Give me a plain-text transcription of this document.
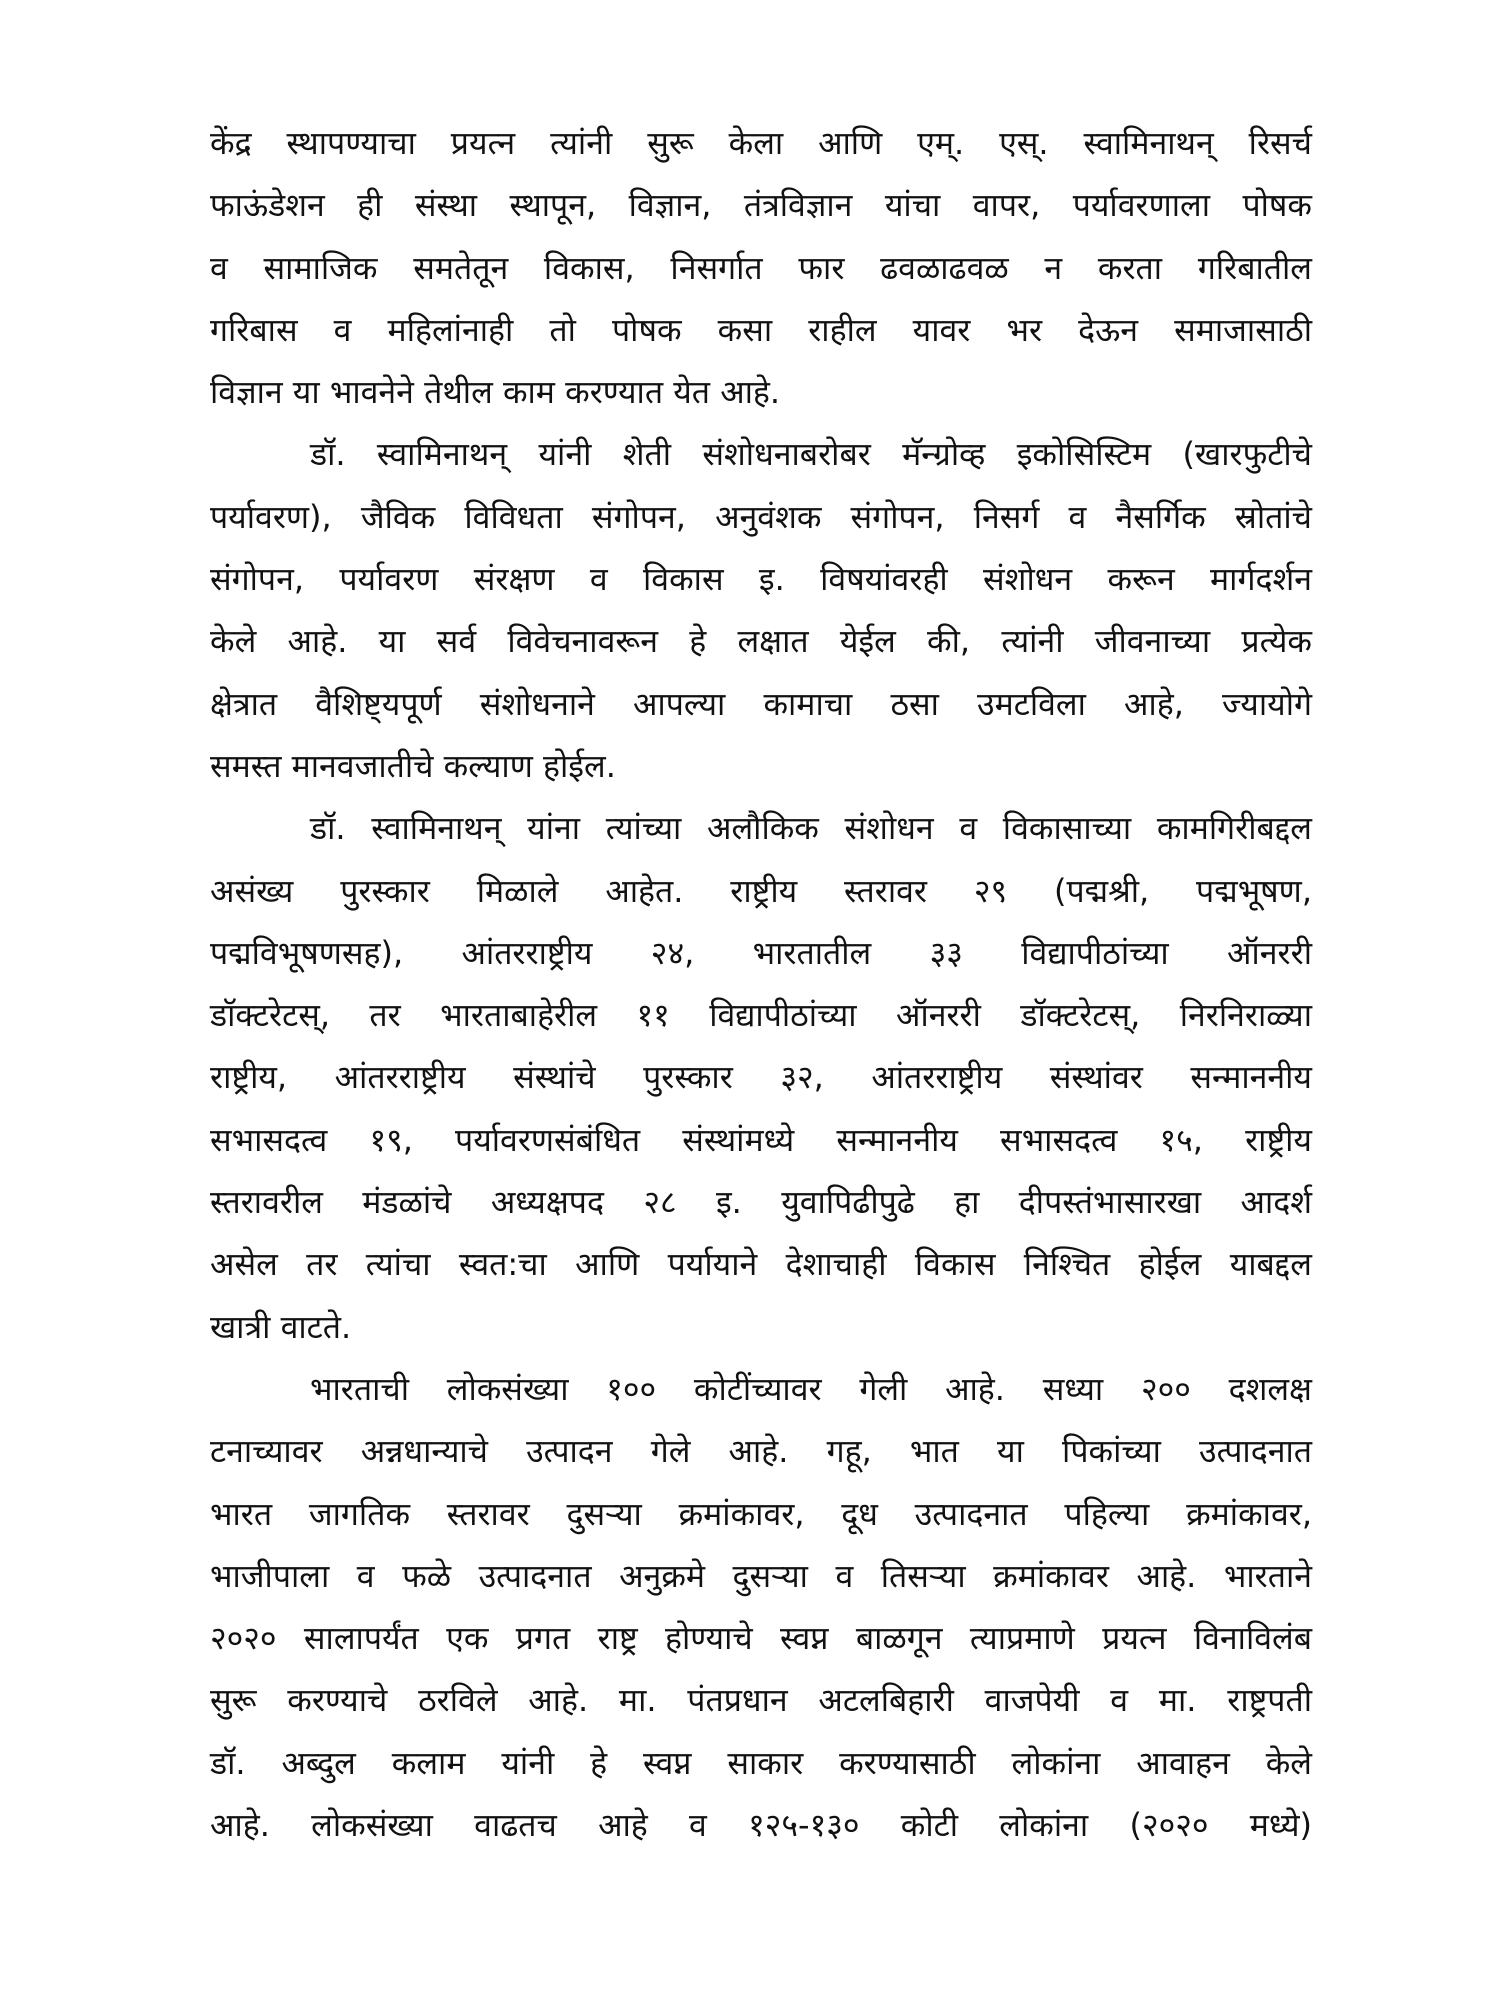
केंद्र स्थापण्याचा प्रयत्न त्यांनी सुरू केला आणि एम्. एस्. स्वामिनाथन् रिसर्च
फाऊंडेशन ही संस्था स्थापून, विज्ञान, तंत्रविज्ञान यांचा वापर, पर्यावरणाला पोषक
व सामाजिक समतेतून विकास, निसर्गात फार ढवळाढवळ न करता गरिबातील
गरिबास व महिलांनाही तो पोषक कसा राहील यावर भर देऊन समाजासाठी
विज्ञान या भावनेने तेथील काम करण्यात येत आहे.
डॉ. स्वामिनाथन् यांनी शेती संशोधनाबरोबर मॅन्ग्रोव्ह इकोसिस्टिम (खारफुटीचे
पर्यावरण), जैविक विविधता संगोपन, अनुवंशक संगोपन, निसर्ग व नैसर्गिक स्रोतांचे
संगोपन, पर्यावरण संरक्षण व विकास इ. विषयांवरही संशोधन करून मार्गदर्शन
केले आहे. या सर्व विवेचनावरून हे लक्षात येईल की, त्यांनी जीवनाच्या प्रत्येक
क्षेत्रात वैशिष्ट्यपूर्ण संशोधनाने आपल्या कामाचा ठसा उमटविला आहे, ज्यायोगे
समस्त मानवजातीचे कल्याण होईल.
डॉ. स्वामिनाथन् यांना त्यांच्या अलौकिक संशोधन व विकासाच्या कामगिरीबद्दल
असंख्य पुरस्कार मिळाले आहेत. राष्ट्रीय स्तरावर २९ (पद्मश्री, पद्मभूषण,
पद्मविभूषणसह), आंतरराष्ट्रीय २४, भारतातील ३३ विद्यापीठांच्या ऑनररी
डॉक्टरेटस्, तर भारताबाहेरील ११ विद्यापीठांच्या ऑनररी डॉक्टरेटस्, निरनिराळ्या
राष्ट्रीय, आंतरराष्ट्रीय संस्थांचे पुरस्कार ३२, आंतरराष्ट्रीय संस्थांवर सन्माननीय
सभासदत्व १९, पर्यावरणसंबंधित संस्थांमध्ये सन्माननीय सभासदत्व १५, राष्ट्रीय
स्तरावरील मंडळांचे अध्यक्षपद २८ इ. युवापिढीपुढे हा दीपस्तंभासारखा आदर्श
असेल तर त्यांचा स्वत:चा आणि पर्यायाने देशाचाही विकास निश्चित होईल याबद्दल
खात्री वाटते.
भारताची लोकसंख्या १०० कोटींच्यावर गेली आहे. सध्या २०० दशलक्ष
टनाच्यावर अन्नधान्याचे उत्पादन गेले आहे. गहू, भात या पिकांच्या उत्पादनात
भारत जागतिक स्तरावर दुसऱ्या क्रमांकावर, दूध उत्पादनात पहिल्या क्रमांकावर,
भाजीपाला व फळे उत्पादनात अनुक्रमे दुसऱ्या व तिसऱ्या क्रमांकावर आहे. भारताने
२०२० सालापर्यंत एक प्रगत राष्ट्र होण्याचे स्वप्न बाळगून त्याप्रमाणे प्रयत्न विनाविलंब
सुरू करण्याचे ठरविले आहे. मा. पंतप्रधान अटलबिहारी वाजपेयी व मा. राष्ट्रपती
डॉ. अब्दुल कलाम यांनी हे स्वप्न साकार करण्यासाठी लोकांना आवाहन केले
आहे. लोकसंख्या वाढतच आहे व १२५-१३० कोटी लोकांना (२०२० मध्ये)
